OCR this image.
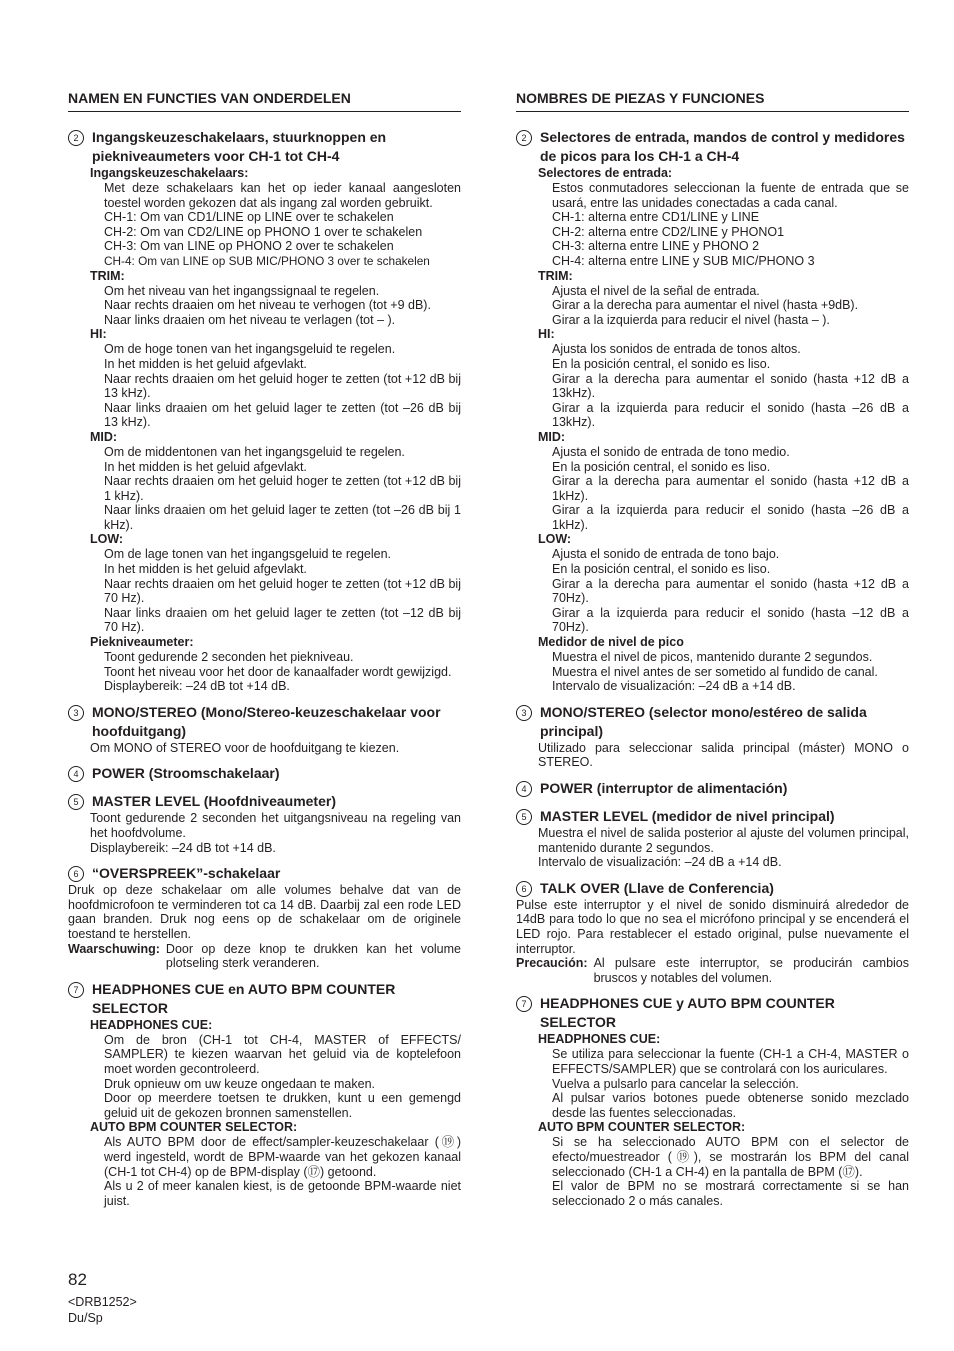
NAMEN EN FUNCTIES VAN ONDERDELEN
2 Ingangskeuzeschakelaars, stuurknoppen en piekniveaumeters voor CH-1 tot CH-4
Ingangskeuzeschakelaars:
Met deze schakelaars kan het op ieder kanaal aangesloten toestel worden gekozen dat als ingang zal worden gebruikt.
CH-1: Om van CD1/LINE op LINE over te schakelen
CH-2: Om van CD2/LINE op PHONO 1 over te schakelen
CH-3: Om van LINE op PHONO 2 over te schakelen
CH-4: Om van LINE op SUB MIC/PHONO 3 over te schakelen
TRIM:
Om het niveau van het ingangssignaal te regelen.
Naar rechts draaien om het niveau te verhogen (tot +9 dB).
Naar links draaien om het niveau te verlagen (tot – ).
HI:
Om de hoge tonen van het ingangsgeluid te regelen.
In het midden is het geluid afgevlakt.
Naar rechts draaien om het geluid hoger te zetten (tot +12 dB bij 13 kHz).
Naar links draaien om het geluid lager te zetten (tot –26 dB bij 13 kHz).
MID:
Om de middentonen van het ingangsgeluid te regelen.
In het midden is het geluid afgevlakt.
Naar rechts draaien om het geluid hoger te zetten (tot +12 dB bij 1 kHz).
Naar links draaien om het geluid lager te zetten (tot –26 dB bij 1 kHz).
LOW:
Om de lage tonen van het ingangsgeluid te regelen.
In het midden is het geluid afgevlakt.
Naar rechts draaien om het geluid hoger te zetten (tot +12 dB bij 70 Hz).
Naar links draaien om het geluid lager te zetten (tot –12 dB bij 70 Hz).
Piekniveaumeter:
Toont gedurende 2 seconden het piekniveau.
Toont het niveau voor het door de kanaalfader wordt gewijzigd.
Displaybereik: –24 dB tot +14 dB.
3 MONO/STEREO (Mono/Stereo-keuzeschakelaar voor hoofduitgang)
Om MONO of STEREO voor de hoofduitgang te kiezen.
4 POWER (Stroomschakelaar)
5 MASTER LEVEL (Hoofdniveaumeter)
Toont gedurende 2 seconden het uitgangsniveau na regeling van het hoofdvolume.
Displaybereik: –24 dB tot +14 dB.
6 “OVERSPREEK”-schakelaar
Druk op deze schakelaar om alle volumes behalve dat van de hoofdmicrofoon te verminderen tot ca 14 dB. Daarbij zal een rode LED gaan branden. Druk nog eens op de schakelaar om de originele toestand te herstellen.
Waarschuwing: Door op deze knop te drukken kan het volume plotseling sterk veranderen.
7 HEADPHONES CUE en AUTO BPM COUNTER SELECTOR
HEADPHONES CUE:
Om de bron (CH-1 tot CH-4, MASTER of EFFECTS/ SAMPLER) te kiezen waarvan het geluid via de koptelefoon moet worden gecontroleerd.
Druk opnieuw om uw keuze ongedaan te maken.
Door op meerdere toetsen te drukken, kunt u een gemengd geluid uit de gekozen bronnen samenstellen.
AUTO BPM COUNTER SELECTOR:
Als AUTO BPM door de effect/sampler-keuzeschakelaar (⑲) werd ingesteld, wordt de BPM-waarde van het gekozen kanaal (CH-1 tot CH-4) op de BPM-display (⑰) getoond.
Als u 2 of meer kanalen kiest, is de getoonde BPM-waarde niet juist.
NOMBRES DE PIEZAS Y FUNCIONES
2 Selectores de entrada, mandos de control y medidores de picos para los CH-1 a CH-4
Selectores de entrada:
Estos conmutadores seleccionan la fuente de entrada que se usará, entre las unidades conectadas a cada canal.
CH-1: alterna entre CD1/LINE y LINE
CH-2: alterna entre CD2/LINE y PHONO1
CH-3: alterna entre LINE y PHONO 2
CH-4: alterna entre LINE y SUB MIC/PHONO 3
TRIM:
Ajusta el nivel de la señal de entrada.
Girar a la derecha para aumentar el nivel (hasta +9dB).
Girar a la izquierda para reducir el nivel (hasta – ).
HI:
Ajusta los sonidos de entrada de tonos altos.
En la posición central, el sonido es liso.
Girar a la derecha para aumentar el sonido (hasta +12 dB a 13kHz).
Girar a la izquierda para reducir el sonido (hasta –26 dB a 13kHz).
MID:
Ajusta el sonido de entrada de tono medio.
En la posición central, el sonido es liso.
Girar a la derecha para aumentar el sonido (hasta +12 dB a 1kHz).
Girar a la izquierda para reducir el sonido (hasta –26 dB a 1kHz).
LOW:
Ajusta el sonido de entrada de tono bajo.
En la posición central, el sonido es liso.
Girar a la derecha para aumentar el sonido (hasta +12 dB a 70Hz).
Girar a la izquierda para reducir el sonido (hasta –12 dB a 70Hz).
Medidor de nivel de pico
Muestra el nivel de picos, mantenido durante 2 segundos.
Muestra el nivel antes de ser sometido al fundido de canal.
Intervalo de visualización: –24 dB a +14 dB.
3 MONO/STEREO (selector mono/estéreo de salida principal)
Utilizado para seleccionar salida principal (máster) MONO o STEREO.
4 POWER (interruptor de alimentación)
5 MASTER LEVEL (medidor de nivel principal)
Muestra el nivel de salida posterior al ajuste del volumen principal, mantenido durante 2 segundos.
Intervalo de visualización: –24 dB a +14 dB.
6 TALK OVER (Llave de Conferencia)
Pulse este interruptor y el nivel de sonido disminuirá alrededor de 14dB para todo lo que no sea el micrófono principal y se encenderá el LED rojo. Para restablecer el estado original, pulse nuevamente el interruptor.
Precaución: Al pulsare este interruptor, se producirán cambios bruscos y notables del volumen.
7 HEADPHONES CUE y AUTO BPM COUNTER SELECTOR
HEADPHONES CUE:
Se utiliza para seleccionar la fuente (CH-1 a CH-4, MASTER o EFFECTS/SAMPLER) que se controlará con los auriculares.
Vuelva a pulsarlo para cancelar la selección.
Al pulsar varios botones puede obtenerse sonido mezclado desde las fuentes seleccionadas.
AUTO BPM COUNTER SELECTOR:
Si se ha seleccionado AUTO BPM con el selector de efecto/muestreador (⑲), se mostrarán los BPM del canal seleccionado (CH-1 a CH-4) en la pantalla de BPM (⑰).
El valor de BPM no se mostrará correctamente si se han seleccionado 2 o más canales.
82
<DRB1252>
Du/Sp
